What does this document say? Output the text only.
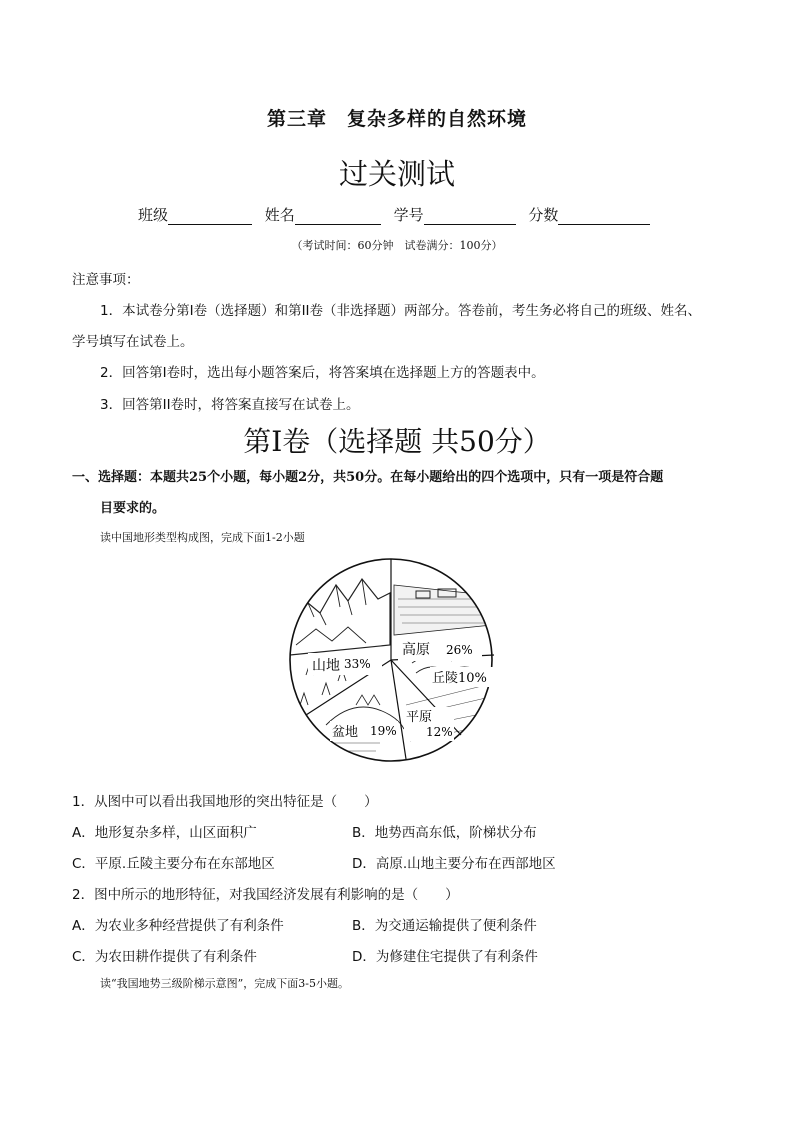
第三章　复杂多样的自然环境
过关测试
班级	姓名	学号	分数
（考试时间：60分钟　试卷满分：100分）
注意事项：
1．本试卷分第I卷（选择题）和第II卷（非选择题）两部分。答卷前，考生务必将自己的班级、姓名、
学号填写在试卷上。
2．回答第I卷时，选出每小题答案后，将答案填在选择题上方的答题表中。
3．回答第II卷时，将答案直接写在试卷上。
第I卷（选择题 共50分）
一、选择题：本题共25个小题，每小题2分，共50分。在每小题给出的四个选项中，只有一项是符合题
目要求的。
读中国地形类型构成图，完成下面1-2小题
山地 33%
高原 26%
丘陵10%
平原
12%
盆地 19%
1．从图中可以看出我国地形的突出特征是（　　）
A．地形复杂多样，山区面积广	B．地势西高东低，阶梯状分布
C．平原.丘陵主要分布在东部地区	D．高原.山地主要分布在西部地区
2．图中所示的地形特征，对我国经济发展有利影响的是（　　）
A．为农业多种经营提供了有利条件	B．为交通运输提供了便利条件
C．为农田耕作提供了有利条件	D．为修建住宅提供了有利条件
读“我国地势三级阶梯示意图”，完成下面3-5小题。
